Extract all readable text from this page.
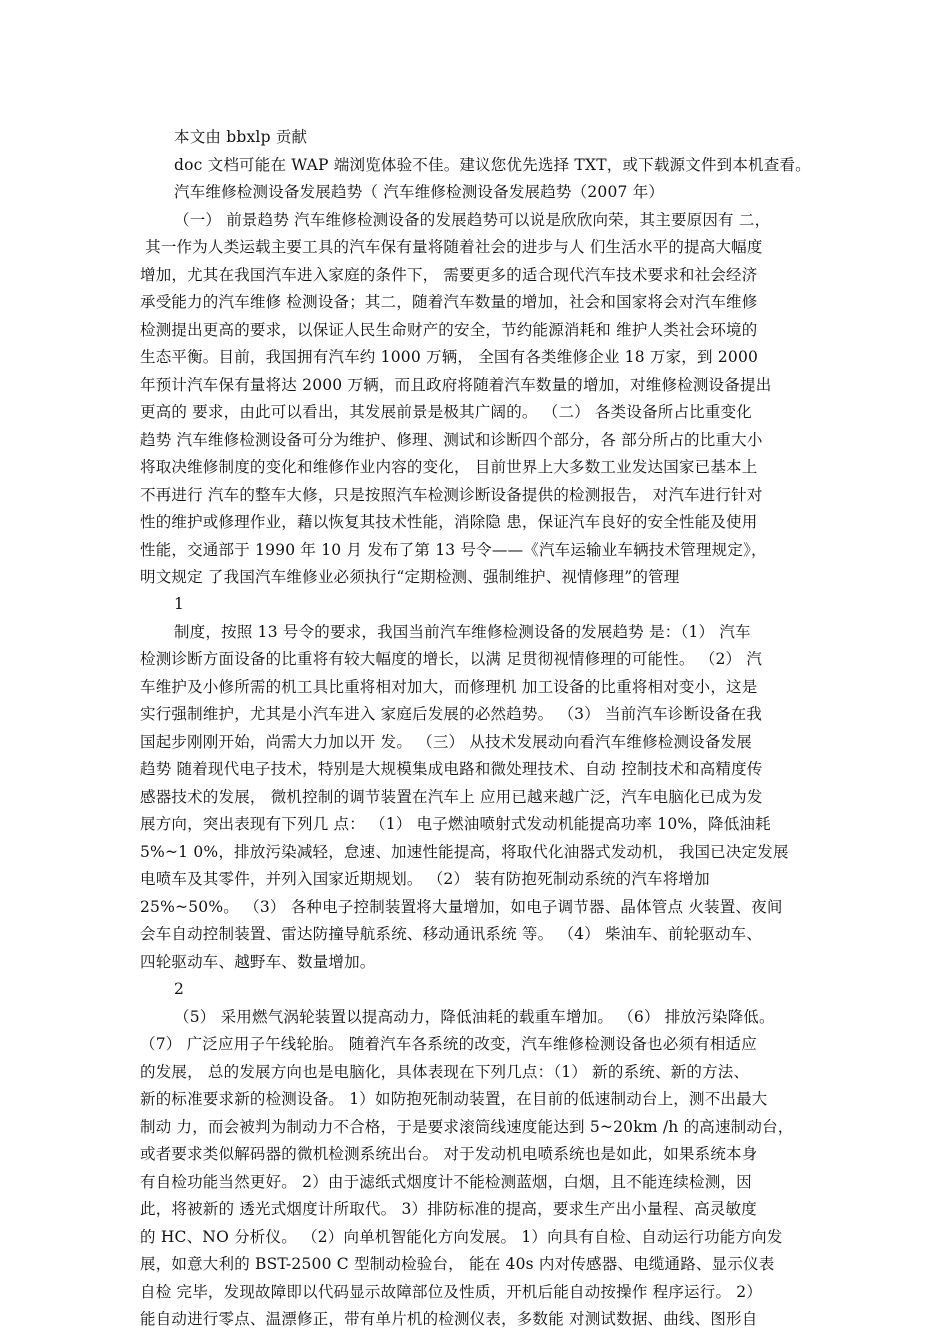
本文由 bbxlp 贡献

doc 文档可能在 WAP 端浏览体验不佳。建议您优先选择 TXT，或下载源文件到本机查看。

汽车维修检测设备发展趋势（ 汽车维修检测设备发展趋势（2007 年）

（一） 前景趋势 汽车维修检测设备的发展趋势可以说是欣欣向荣，其主要原因有 二，

其一作为人类运载主要工具的汽车保有量将随着社会的进步与人 们生活水平的提高大幅度

增加，尤其在我国汽车进入家庭的条件下， 需要更多的适合现代汽车技术要求和社会经济

承受能力的汽车维修 检测设备；其二，随着汽车数量的增加，社会和国家将会对汽车维修

检测提出更高的要求，以保证人民生命财产的安全，节约能源消耗和 维护人类社会环境的

生态平衡。目前，我国拥有汽车约 1000 万辆， 全国有各类维修企业 18 万家，到 2000

年预计汽车保有量将达 2000 万辆，而且政府将随着汽车数量的增加，对维修检测设备提出

更高的 要求，由此可以看出，其发展前景是极其广阔的。 （二） 各类设备所占比重变化

趋势 汽车维修检测设备可分为维护、修理、测试和诊断四个部分，各 部分所占的比重大小

将取决维修制度的变化和维修作业内容的变化， 目前世界上大多数工业发达国家已基本上

不再进行 汽车的整车大修，只是按照汽车检测诊断设备提供的检测报告， 对汽车进行针对

性的维护或修理作业，藉以恢复其技术性能，消除隐 患，保证汽车良好的安全性能及使用

性能，交通部于 1990 年 10 月 发布了第 13 号令——《汽车运输业车辆技术管理规定》，

明文规定 了我国汽车维修业必须执行“定期检测、强制维护、视情修理”的管理

1

制度，按照 13 号令的要求，我国当前汽车维修检测设备的发展趋势 是：（1） 汽车

检测诊断方面设备的比重将有较大幅度的增长，以满 足贯彻视情修理的可能性。 （2） 汽

车维护及小修所需的机工具比重将相对加大，而修理机 加工设备的比重将相对变小，这是

实行强制维护，尤其是小汽车进入 家庭后发展的必然趋势。 （3） 当前汽车诊断设备在我

国起步刚刚开始，尚需大力加以开 发。 （三） 从技术发展动向看汽车维修检测设备发展

趋势 随着现代电子技术，特别是大规模集成电路和微处理技术、自动 控制技术和高精度传

感器技术的发展， 微机控制的调节装置在汽车上 应用已越来越广泛，汽车电脑化已成为发

展方向，突出表现有下列几 点： （1） 电子燃油喷射式发动机能提高功率 10%，降低油耗

5%~1 0%，排放污染减轻，怠速、加速性能提高，将取代化油器式发动机， 我国已决定发展

电喷车及其零件，并列入国家近期规划。 （2） 装有防抱死制动系统的汽车将增加

25%~50%。 （3） 各种电子控制装置将大量增加，如电子调节器、晶体管点 火装置、夜间

会车自动控制装置、雷达防撞导航系统、移动通讯系统 等。 （4） 柴油车、前轮驱动车、

四轮驱动车、越野车、数量增加。

2

（5） 采用燃气涡轮装置以提高动力，降低油耗的载重车增加。 （6） 排放污染降低。

（7） 广泛应用子午线轮胎。 随着汽车各系统的改变，汽车维修检测设备也必须有相适应

的发展， 总的发展方向也是电脑化，具体表现在下列几点：（1） 新的系统、新的方法、

新的标准要求新的检测设备。 1）如防抱死制动装置，在目前的低速制动台上，测不出最大

制动 力，而会被判为制动力不合格，于是要求滚筒线速度能达到 5~20km /h 的高速制动台，

或者要求类似解码器的微机检测系统出台。 对于发动机电喷系统也是如此，如果系统本身

有自检功能当然更好。 2）由于滤纸式烟度计不能检测蓝烟，白烟，且不能连续检测，因

此，将被新的 透光式烟度计所取代。 3）排防标准的提高，要求生产出小量程、高灵敏度

的 HC、NO 分析仪。 （2）向单机智能化方向发展。 1）向具有自检、自动运行功能方向发

展，如意大利的 BST-2500 C 型制动检验台， 能在 40s 内对传感器、电缆通路、显示仪表

自检 完毕，发现故障即以代码显示故障部位及性质，开机后能自动按操作 程序运行。 2）

能自动进行零点、温漂修正，带有单片机的检测仪表，多数能 对测试数据、曲线、图形自
